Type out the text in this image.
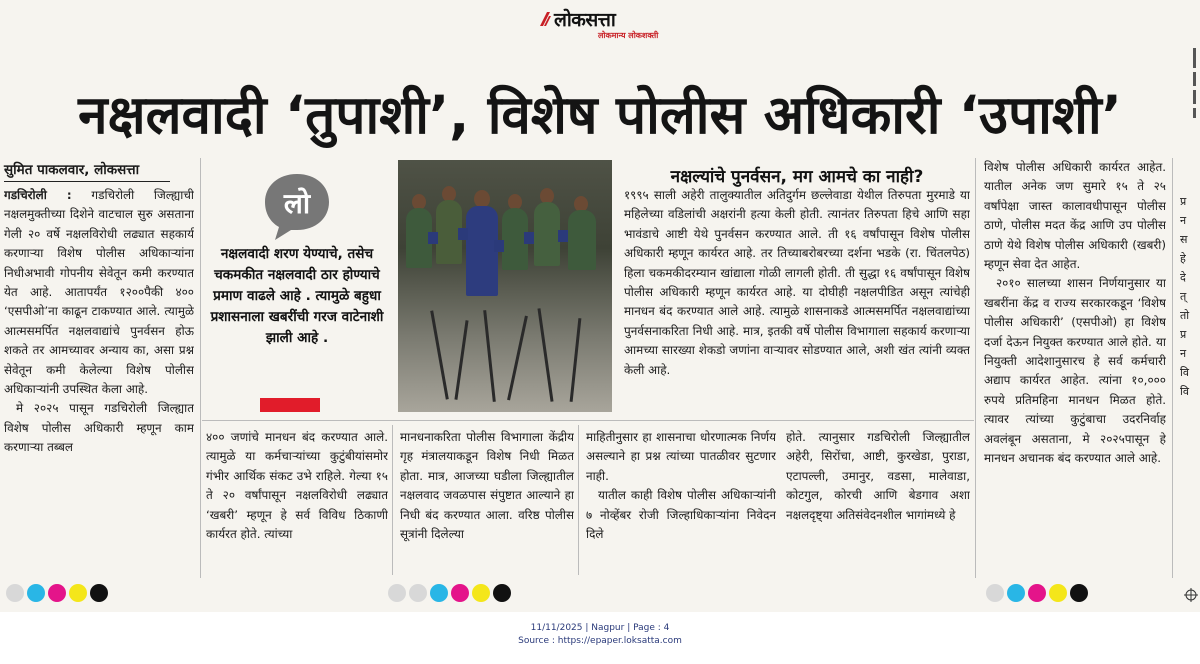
लोकसत्ता
लोकमान्य लोकशक्ती
नक्षलवादी ‘तुपाशी’, विशेष पोलीस अधिकारी ‘उपाशी’
सुमित पाकलवार, लोकसत्ता

गडचिरोली : गडचिरोली जिल्ह्याची नक्षलमुक्तीच्या दिशेने वाटचाल सुरु असताना गेली २० वर्षे नक्षलविरोधी लढ्यात सहकार्य करणाऱ्या विशेष पोलीस अधिकाऱ्यांना निधीअभावी गोपनीय सेवेतून कमी करण्यात येत आहे. आतापर्यंत १२००पैकी ४०० ‘एसपीओ’ना काढून टाकण्यात आले. त्यामुळे आत्मसमर्पित नक्षलवाद्यांचे पुनर्वसन होऊ शकते तर आमच्यावर अन्याय का, असा प्रश्न सेवेतून कमी केलेल्या विशेष पोलीस अधिकाऱ्यांनी उपस्थित केला आहे.

मे २०२५ पासून गडचिरोली जिल्ह्यात विशेष पोलीस अधिकारी म्हणून काम करणाऱ्या तब्बल

लो
नक्षलवादी शरण येण्याचे, तसेच चकमकीत नक्षलवादी ठार होण्याचे प्रमाण वाढले आहे . त्यामुळे बहुधा प्रशासनाला खबरींची गरज वाटेनाशी झाली आहे .
नक्षल्यांचे पुनर्वसन, मग आमचे का नाही?

१९९५ साली अहेरी तालुक्यातील अतिदुर्गम छल्लेवाडा येथील तिरुपता मुरमाडे या महिलेच्या वडिलांची अक्षरांनी हत्या केली होती. त्यानंतर तिरुपता हिचे आणि सहा भावंडाचे आष्टी येथे पुनर्वसन करण्यात आले. ती १६ वर्षांपासून विशेष पोलीस अधिकारी म्हणून कार्यरत आहे. तर तिच्याबरोबरच्या दर्शना भडके (रा. चिंतलपेठ) हिला चकमकीदरम्यान खांद्याला गोळी लागली होती. ती सुद्धा १६ वर्षांपासून विशेष पोलीस अधिकारी म्हणून कार्यरत आहे. या दोघीही नक्षलपीडित असून त्यांचेही मानधन बंद करण्यात आले आहे. त्यामुळे शासनाकडे आत्मसमर्पित नक्षलवाद्यांच्या पुनर्वसनाकरिता निधी आहे. मात्र, इतकी वर्षे पोलीस विभागाला सहकार्य करणाऱ्या आमच्या सारख्या शेकडो जणांना वाऱ्यावर सोडण्यात आले, अशी खंत त्यांनी व्यक्त केली आहे.

विशेष पोलीस अधिकारी कार्यरत आहेत. यातील अनेक जण सुमारे १५ ते २५ वर्षांपेक्षा जास्त कालावधीपासून पोलीस ठाणे, पोलीस मदत केंद्र आणि उप पोलीस ठाणे येथे विशेष पोलीस अधिकारी (खबरी) म्हणून सेवा देत आहेत.

२०१० सालच्या शासन निर्णयानुसार या खबरींना केंद्र व राज्य सरकारकडून ‘विशेष पोलीस अधिकारी’ (एसपीओ) हा विशेष दर्जा देऊन नियुक्त करण्यात आले होते. या नियुक्ती आदेशानुसारच हे सर्व कर्मचारी अद्याप कार्यरत आहेत. त्यांना १०,००० रुपये प्रतिमहिना मानधन मिळत होते. त्यावर त्यांच्या कुटुंबाचा उदरनिर्वाह अवलंबून असताना, मे २०२५पासून हे मानधन अचानक बंद करण्यात आले आहे.

४०० जणांचे मानधन बंद करण्यात आले. त्यामुळे या कर्मचाऱ्यांच्या कुटुंबीयांसमोर गंभीर आर्थिक संकट उभे राहिले. गेल्या १५ ते २० वर्षांपासून नक्षलविरोधी लढ्यात ‘खबरी’ म्हणून हे सर्व विविध ठिकाणी कार्यरत होते. त्यांच्या

मानधनाकरिता पोलीस विभागाला केंद्रीय गृह मंत्रालयाकडून विशेष निधी मिळत होता. मात्र, आजच्या घडीला जिल्ह्यातील नक्षलवाद जवळपास संपुष्टात आल्याने हा निधी बंद करण्यात आला. वरिष्ठ पोलीस सूत्रांनी दिलेल्या

माहितीनुसार हा शासनाचा धोरणात्मक निर्णय असल्याने हा प्रश्न त्यांच्या पातळीवर सुटणार नाही.

यातील काही विशेष पोलीस अधिकाऱ्यांनी ७ नोव्हेंबर रोजी जिल्हाधिकाऱ्यांना निवेदन दिले

होते. त्यानुसार गडचिरोली जिल्ह्यातील अहेरी, सिरोंचा, आष्टी, कुरखेडा, पुराडा, एटापल्ली, उमानुर, वडसा, मालेवाडा, कोटगुल, कोरची आणि बेडगाव अशा नक्षलदृष्ट्या अतिसंवेदनशील भागांमध्ये हे

प्र
न
स
हे
दे
त्
तो
प्र
न
वि
वि
11/11/2025 | Nagpur | Page : 4
Source : https://epaper.loksatta.com
